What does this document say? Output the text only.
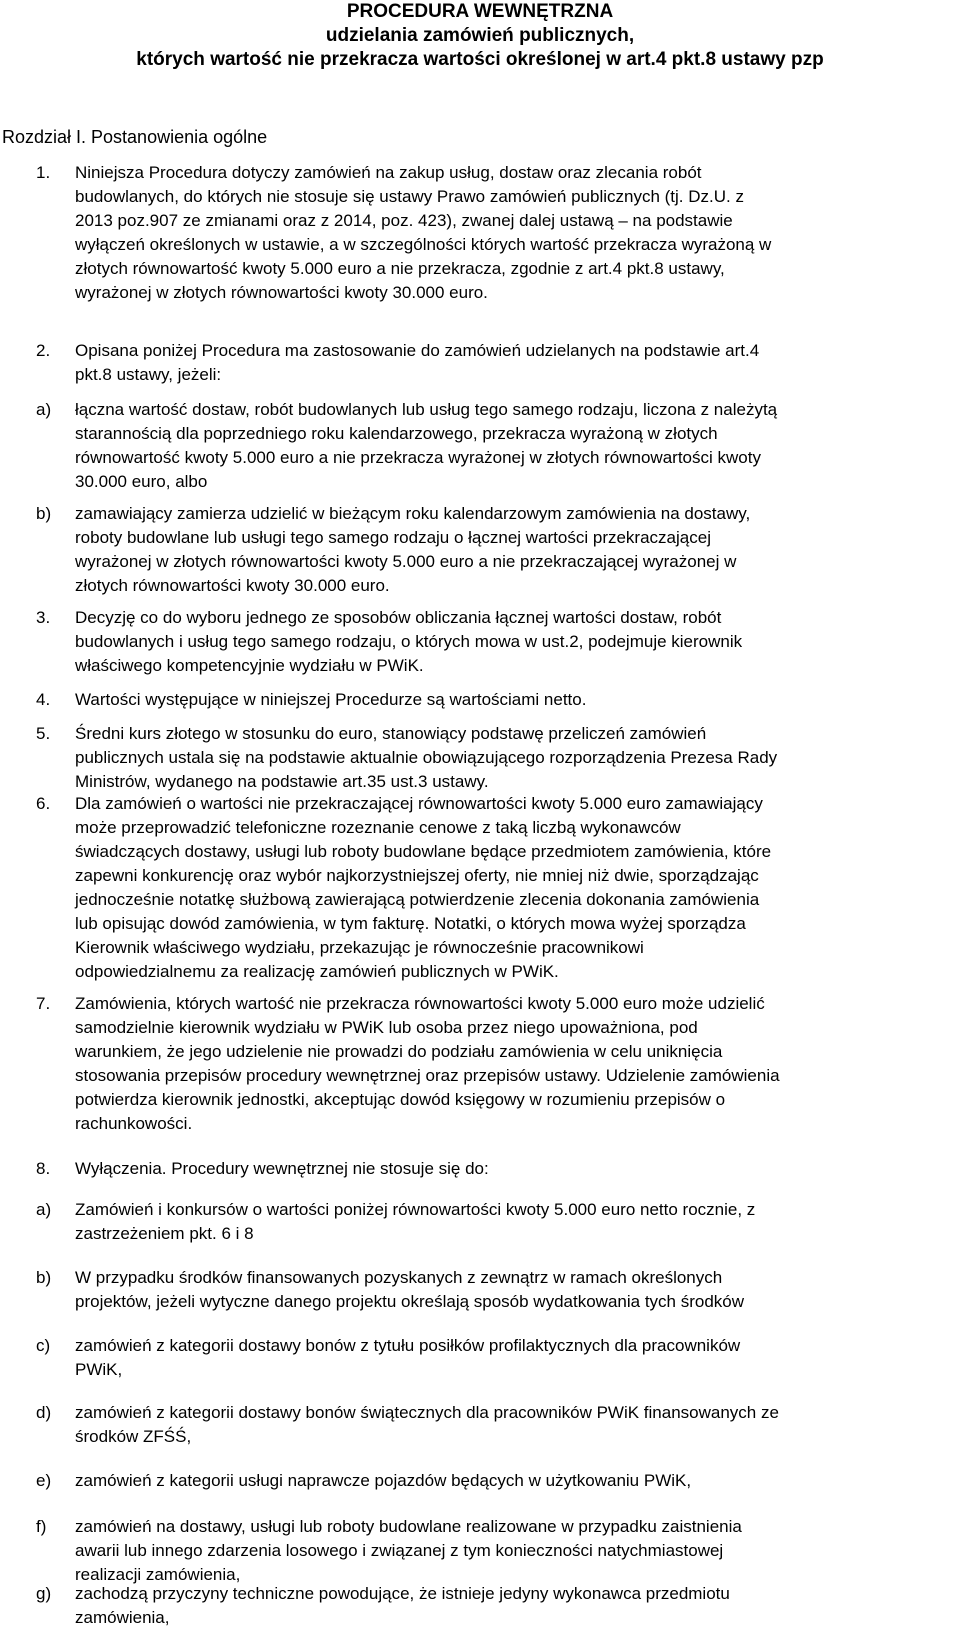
PROCEDURA WEWNĘTRZNA
udzielania zamówień publicznych,
których wartość nie przekracza wartości określonej w art.4 pkt.8 ustawy pzp
Rozdział I. Postanowienia ogólne
1. Niniejsza Procedura dotyczy zamówień na zakup usług, dostaw oraz zlecania robót
budowlanych, do których nie stosuje się ustawy Prawo zamówień publicznych (tj. Dz.U. z
2013 poz.907 ze zmianami oraz z 2014, poz. 423), zwanej dalej ustawą – na podstawie
wyłączeń określonych w ustawie, a w szczególności których wartość przekracza wyrażoną w
złotych równowartość kwoty 5.000 euro a nie przekracza, zgodnie z art.4 pkt.8 ustawy,
wyrażonej w złotych równowartości kwoty 30.000 euro.
2. Opisana poniżej Procedura ma zastosowanie do zamówień udzielanych na podstawie art.4
pkt.8 ustawy, jeżeli:
a) łączna wartość dostaw, robót budowlanych lub usług tego samego rodzaju, liczona z należytą
starannością dla poprzedniego roku kalendarzowego, przekracza wyrażoną w złotych
równowartość kwoty 5.000 euro a nie przekracza wyrażonej w złotych równowartości kwoty
30.000 euro, albo
b) zamawiający zamierza udzielić w bieżącym roku kalendarzowym zamówienia na dostawy,
roboty budowlane lub usługi tego samego rodzaju o łącznej wartości przekraczającej
wyrażonej w złotych równowartości kwoty 5.000 euro a nie przekraczającej wyrażonej w
złotych równowartości kwoty 30.000 euro.
3. Decyzję co do wyboru jednego ze sposobów obliczania łącznej wartości dostaw, robót
budowlanych i usług tego samego rodzaju, o których mowa w ust.2, podejmuje kierownik
właściwego kompetencyjnie wydziału w PWiK.
4. Wartości występujące w niniejszej Procedurze są wartościami netto.
5. Średni kurs złotego w stosunku do euro, stanowiący podstawę przeliczeń zamówień
publicznych ustala się na podstawie aktualnie obowiązującego rozporządzenia Prezesa Rady
Ministrów, wydanego na podstawie art.35 ust.3 ustawy.
6. Dla zamówień o wartości nie przekraczającej równowartości kwoty 5.000 euro zamawiający
może przeprowadzić telefoniczne rozeznanie cenowe z taką liczbą wykonawców
świadczących dostawy, usługi lub roboty budowlane będące przedmiotem zamówienia, które
zapewni konkurencję oraz wybór najkorzystniejszej oferty, nie mniej niż dwie, sporządzając
jednocześnie notatkę służbową zawierającą potwierdzenie zlecenia dokonania zamówienia
lub opisując dowód zamówienia, w tym fakturę. Notatki, o których mowa wyżej sporządza
Kierownik właściwego wydziału, przekazując je równocześnie pracownikowi
odpowiedzialnemu za realizację zamówień publicznych w PWiK.
7. Zamówienia, których wartość nie przekracza równowartości kwoty 5.000 euro może udzielić
samodzielnie kierownik wydziału w PWiK lub osoba przez niego upoważniona, pod
warunkiem, że jego udzielenie nie prowadzi do podziału zamówienia w celu uniknięcia
stosowania przepisów procedury wewnętrznej oraz przepisów ustawy. Udzielenie zamówienia
potwierdza kierownik jednostki, akceptując dowód księgowy w rozumieniu przepisów o
rachunkowości.
8. Wyłączenia. Procedury wewnętrznej nie stosuje się do:
a) Zamówień i konkursów o wartości poniżej równowartości kwoty 5.000 euro netto rocznie, z
zastrzeżeniem pkt. 6 i 8
b) W przypadku środków finansowanych pozyskanych z zewnątrz w ramach określonych
projektów, jeżeli wytyczne danego projektu określają sposób wydatkowania tych środków
c) zamówień z kategorii dostawy bonów z tytułu posiłków profilaktycznych dla pracowników
PWiK,
d) zamówień z kategorii dostawy bonów świątecznych dla pracowników PWiK finansowanych ze
środków ZFŚŚ,
e) zamówień z kategorii usługi naprawcze pojazdów będących w użytkowaniu PWiK,
f) zamówień na dostawy, usługi lub roboty budowlane realizowane w przypadku zaistnienia
awarii lub innego zdarzenia losowego i związanej z tym konieczności natychmiastowej
realizacji zamówienia,
g) zachodzą przyczyny techniczne powodujące, że istnieje jedyny wykonawca przedmiotu
zamówienia,
